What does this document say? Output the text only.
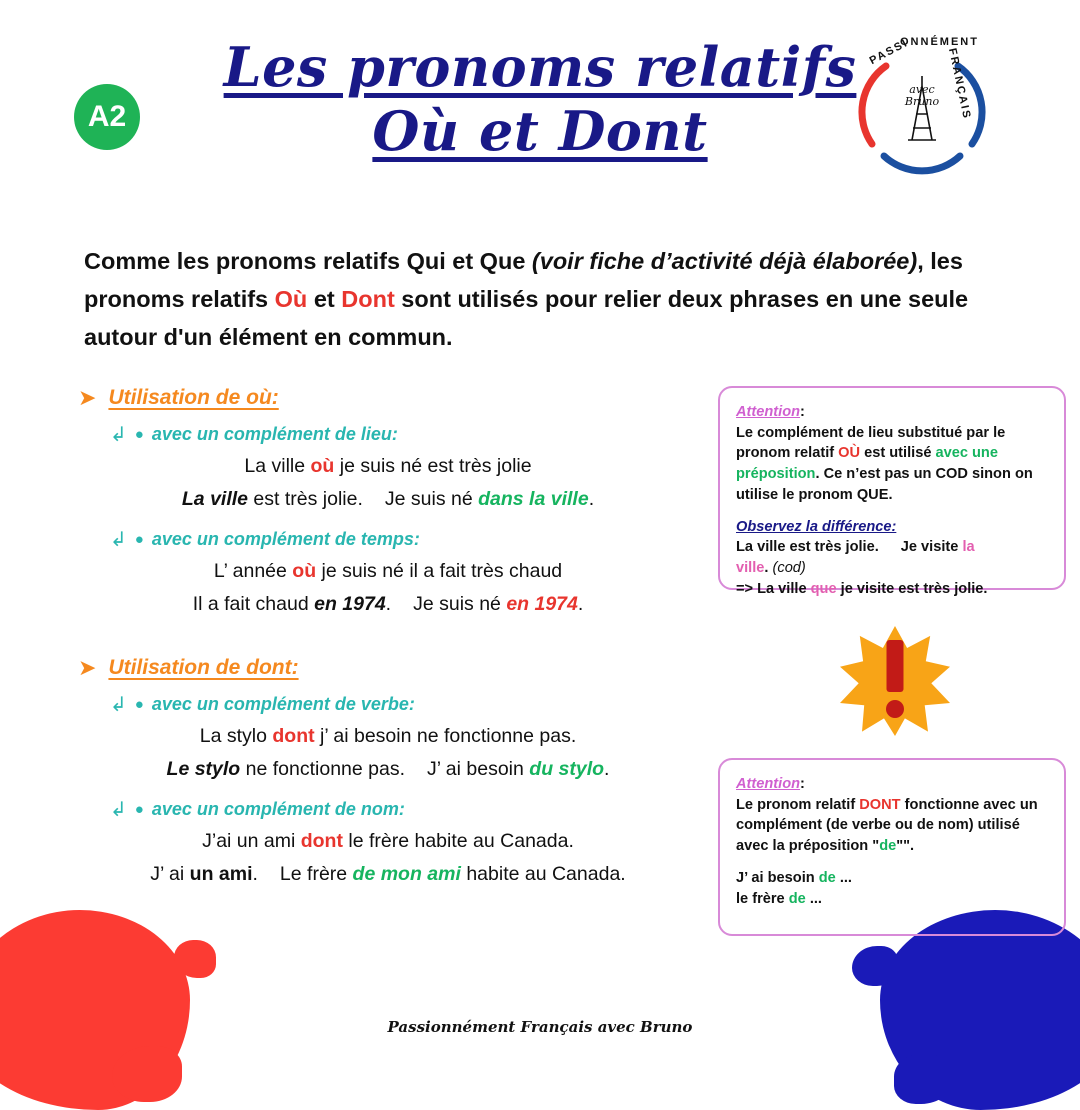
A2
Les pronoms relatifs
Où et Dont
PASSI
ONNÉMENT
FRANÇAIS
avec
Bruno
Comme les pronoms relatifs Qui et Que (voir fiche d’activité déjà élaborée), les pronoms relatifs Où et Dont sont utilisés pour relier deux phrases en une seule autour d'un élément en commun.
➤ Utilisation de où:
↲ ● avec un complément de lieu:
La ville où je suis né est très jolie
La ville est très jolie. Je suis né dans la ville.
↲ ● avec un complément de temps:
L’ année où je suis né il a fait très chaud
Il a fait chaud en 1974. Je suis né en 1974.
➤ Utilisation de dont:
↲ ● avec un complément de verbe:
La stylo dont j’ ai besoin ne fonctionne pas.
Le stylo ne fonctionne pas. J’ ai besoin du stylo.
↲ ● avec un complément de nom:
J’ai un ami dont le frère habite au Canada.
J’ ai un ami. Le frère de mon ami habite au Canada.
Attention:
Le complément de lieu substitué par le pronom relatif OÙ est utilisé avec une préposition. Ce n’est pas un COD sinon on utilise le pronom QUE.
Observez la différence:
La ville est très jolie. Je visite la ville. (cod)
=> La ville que je visite est très jolie.
Attention:
Le pronom relatif DONT fonctionne avec un complément (de verbe ou de nom) utilisé avec la préposition "de"".
J’ ai besoin de ...
le frère de ...
Passionnément Français avec Bruno
